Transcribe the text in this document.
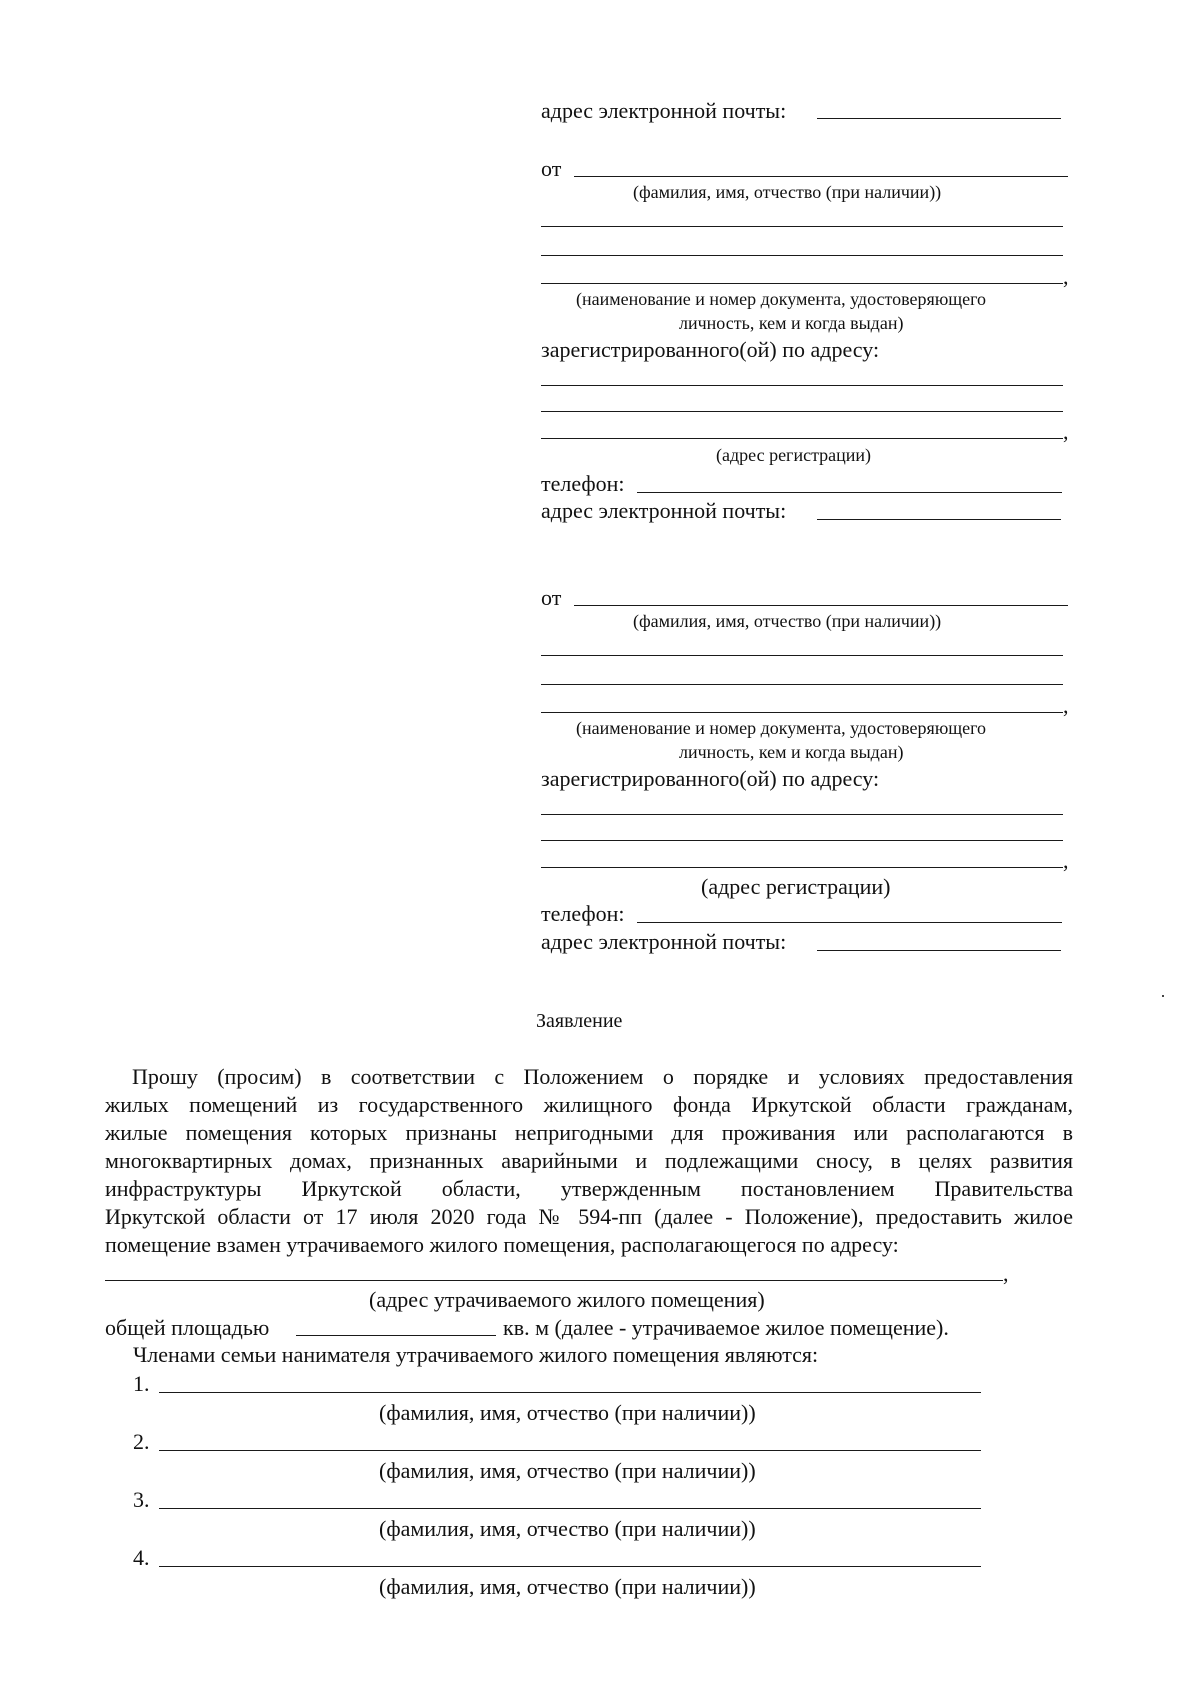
адрес электронной почты:
от
(фамилия, имя, отчество (при наличии))
,
(наименование и номер документа, удостоверяющего
личность, кем и когда выдан)
зарегистрированного(ой) по адресу:
,
(адрес регистрации)
телефон:
адрес электронной почты:
от
(фамилия, имя, отчество (при наличии))
,
(наименование и номер документа, удостоверяющего
личность, кем и когда выдан)
зарегистрированного(ой) по адресу:
,
(адрес регистрации)
телефон:
адрес электронной почты:
Заявление
Прошу (просим) в соответствии с Положением о порядке и условиях предоставления
жилых помещений из государственного жилищного фонда Иркутской области гражданам,
жилые помещения которых признаны непригодными для проживания или располагаются в
многоквартирных домах, признанных аварийными и подлежащими сносу, в целях развития
инфраструктуры Иркутской области, утвержденным постановлением Правительства
Иркутской области от 17 июля 2020 года № 594-пп (далее - Положение), предоставить жилое
помещение взамен утрачиваемого жилого помещения, располагающегося по адресу:
,
(адрес утрачиваемого жилого помещения)
общей площадью	кв. м (далее - утрачиваемое жилое помещение).
Членами семьи нанимателя утрачиваемого жилого помещения являются:
1.
(фамилия, имя, отчество (при наличии))
2.
(фамилия, имя, отчество (при наличии))
3.
(фамилия, имя, отчество (при наличии))
4.
(фамилия, имя, отчество (при наличии))
